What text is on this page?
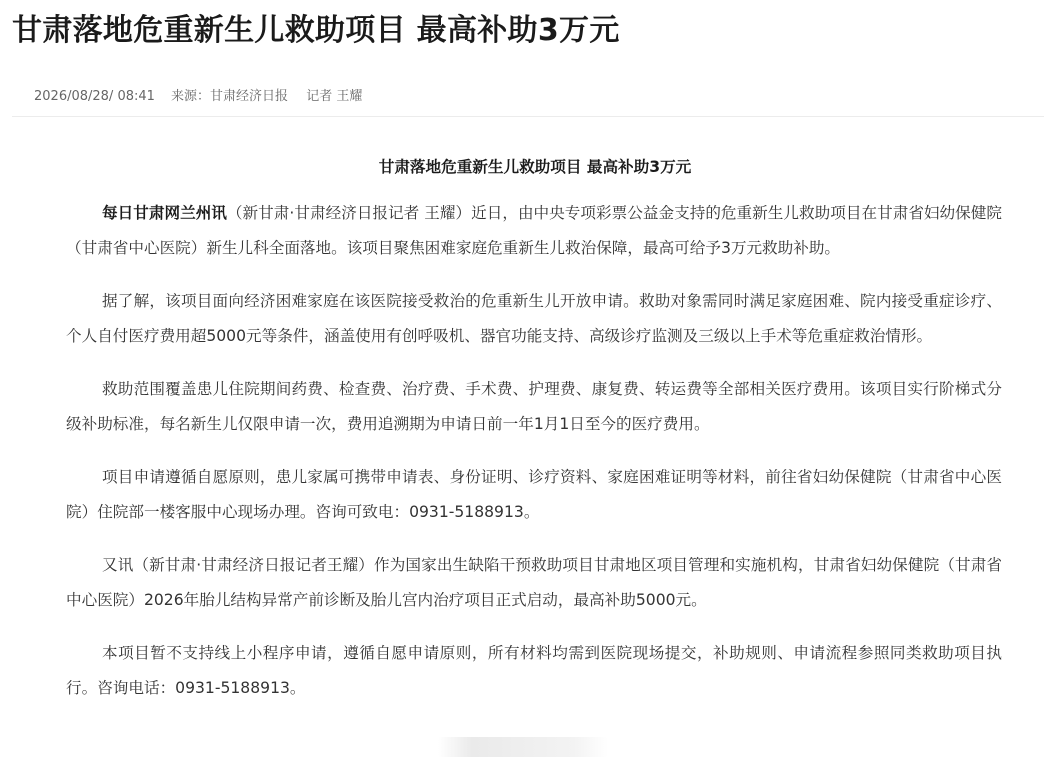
甘肃落地危重新生儿救助项目 最高补助3万元
2026/08/28/ 08:41 来源：甘肃经济日报 记者 王耀
甘肃落地危重新生儿救助项目 最高补助3万元

每日甘肃网兰州讯（新甘肃·甘肃经济日报记者 王耀）近日，由中央专项彩票公益金支持的危重新生儿救助项目在甘肃省妇幼保健院（甘肃省中心医院）新生儿科全面落地。该项目聚焦困难家庭危重新生儿救治保障，最高可给予3万元救助补助。

据了解，该项目面向经济困难家庭在该医院接受救治的危重新生儿开放申请。救助对象需同时满足家庭困难、院内接受重症诊疗、个人自付医疗费用超5000元等条件，涵盖使用有创呼吸机、器官功能支持、高级诊疗监测及三级以上手术等危重症救治情形。

救助范围覆盖患儿住院期间药费、检查费、治疗费、手术费、护理费、康复费、转运费等全部相关医疗费用。该项目实行阶梯式分级补助标准，每名新生儿仅限申请一次，费用追溯期为申请日前一年1月1日至今的医疗费用。

项目申请遵循自愿原则，患儿家属可携带申请表、身份证明、诊疗资料、家庭困难证明等材料，前往省妇幼保健院（甘肃省中心医院）住院部一楼客服中心现场办理。咨询可致电：0931-5188913。

又讯（新甘肃·甘肃经济日报记者王耀）作为国家出生缺陷干预救助项目甘肃地区项目管理和实施机构，甘肃省妇幼保健院（甘肃省中心医院）2026年胎儿结构异常产前诊断及胎儿宫内治疗项目正式启动，最高补助5000元。

本项目暂不支持线上小程序申请，遵循自愿申请原则，所有材料均需到医院现场提交，补助规则、申请流程参照同类救助项目执行。咨询电话：0931-5188913。
